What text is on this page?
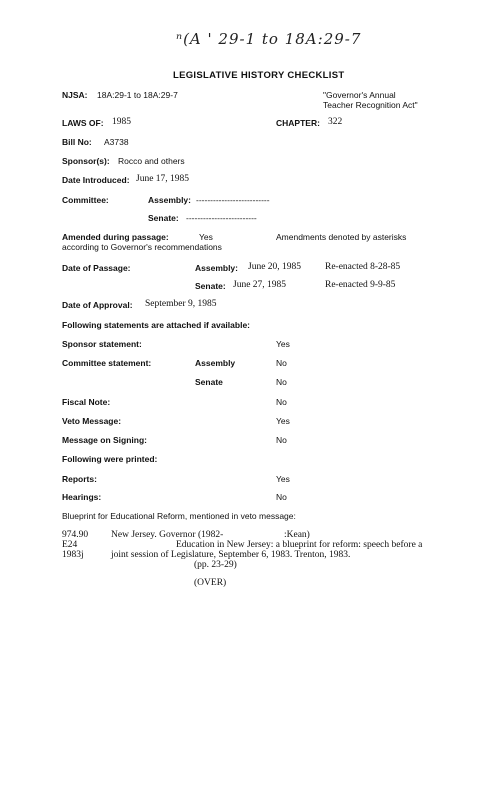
ⁿ(A ' 29-1 to 18A:29-7
LEGISLATIVE HISTORY CHECKLIST
NJSA: 18A:29-1 to 18A:29-7	"Governor's Annual
Teacher Recognition Act"
LAWS OF: 1985	CHAPTER: 322
Bill No: A3738
Sponsor(s): Rocco and others
Date Introduced: June 17, 1985
Committee:	Assembly: --------------------------
Senate: -------------------------
Amended during passage:	Yes	Amendments denoted by asterisks
according to Governor's recommendations
Date of Passage:	Assembly: June 20, 1985	Re-enacted 8-28-85
Senate: June 27, 1985	Re-enacted 9-9-85
Date of Approval: September 9, 1985
Following statements are attached if available:
Sponsor statement:	Yes
Committee statement:	Assembly	No
Senate	No
Fiscal Note:	No
Veto Message:	Yes
Message on Signing:	No
Following were printed:
Reports:	Yes
Hearings:	No
Blueprint for Educational Reform, mentioned in veto message:
974.90
E24
1983j
New Jersey. Governor (1982-	:Kean)
Education in New Jersey: a blueprint for reform: speech before a
joint session of Legislature, September 6, 1983. Trenton, 1983.
(pp. 23-29)
(OVER)
